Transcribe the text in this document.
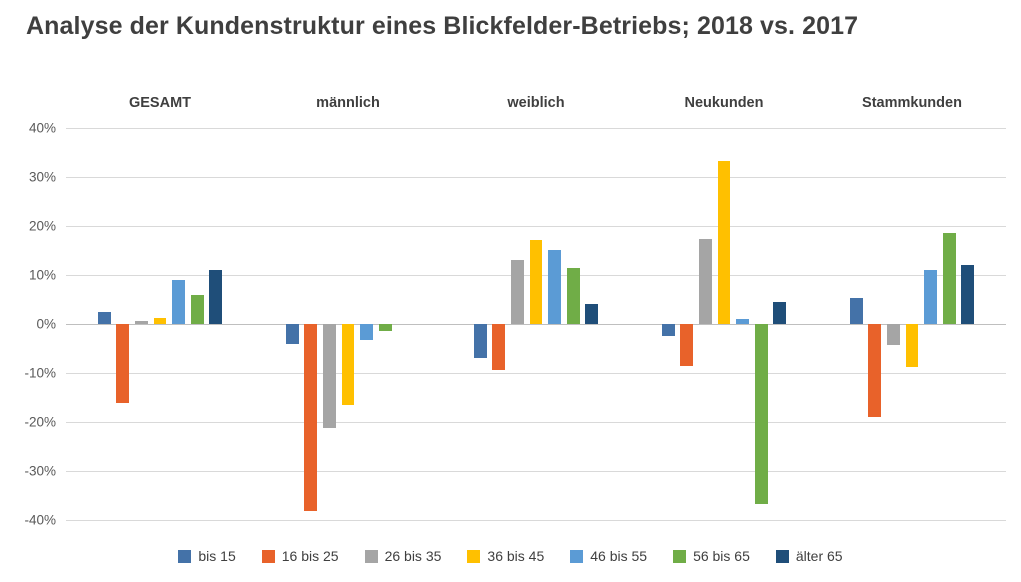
Analyse der Kundenstruktur eines Blickfelder-Betriebs; 2018 vs. 2017
40%
30%
20%
10%
0%
-10%
-20%
-30%
-40%
GESAMT	männlich	weiblich	Neukunden	Stammkunden
bis 15	16 bis 25	26 bis 35	36 bis 45	46 bis 55	56 bis 65	älter 65
